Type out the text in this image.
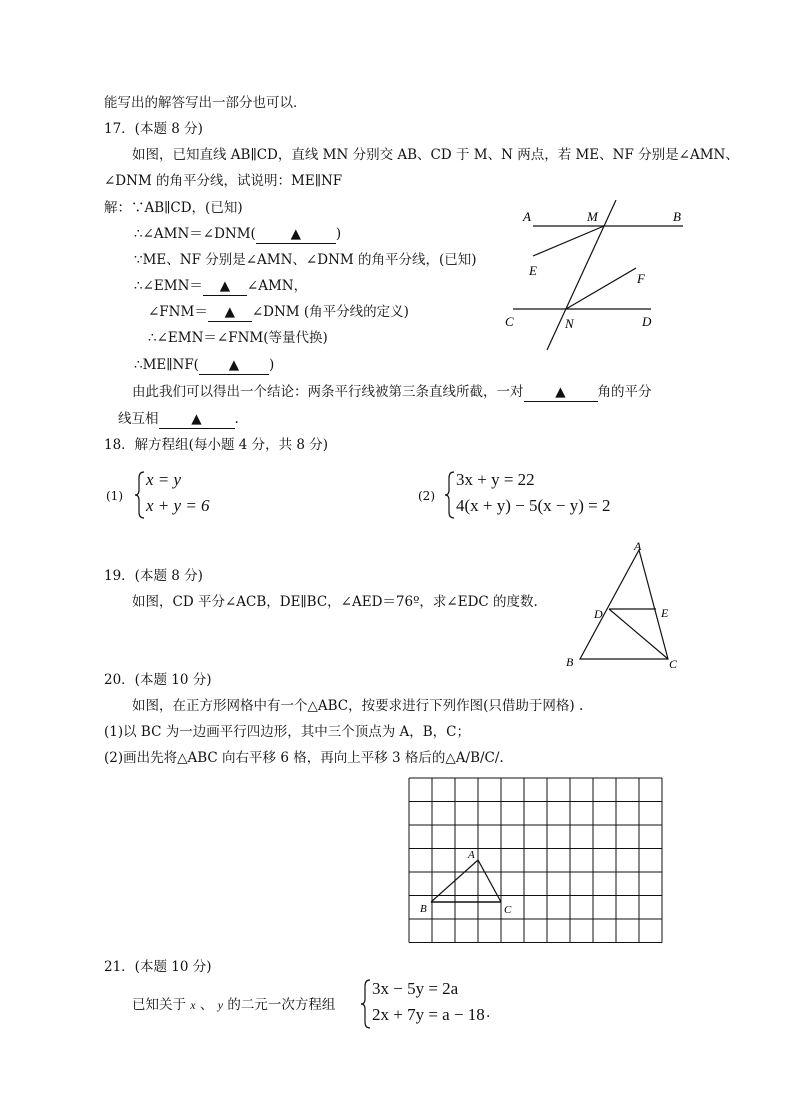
能写出的解答写出一部分也可以.
17．(本题 8 分)
如图，已知直线 AB∥CD，直线 MN 分别交 AB、CD 于 M、N 两点，若 ME、NF 分别是∠AMN、
∠DNM 的角平分线，试说明：ME∥NF
解：∵AB∥CD，(已知)
∴∠AMN＝∠DNM(	▲	)
∵ME、NF 分别是∠AMN、∠DNM 的角平分线，(已知)
∴∠EMN＝ ▲ ∠AMN，
∠FNM＝ ▲ ∠DNM (角平分线的定义)
∴∠EMN＝∠FNM(等量代换)
∴ME∥NF( ▲ )
由此我们可以得出一个结论：两条平行线被第三条直线所截，一对 ▲ 角的平分
线互相 ▲ .
A	M	B
E
F
C	N	D
18．解方程组(每小题 4 分，共 8 分)
(1)
x = y
x + y = 6	(2)
3x + y = 22
4(x + y) − 5(x − y) = 2
19．(本题 8 分)
如图，CD 平分∠ACB，DE∥BC，∠AED＝76º，求∠EDC 的度数.
A
D	E
B	C
20．(本题 10 分)
如图，在正方形网格中有一个△ABC，按要求进行下列作图(只借助于网格) .
(1)以 BC 为一边画平行四边形，其中三个顶点为 A，B，C；
(2)画出先将△ABC 向右平移 6 格，再向上平移 3 格后的△A/B/C/.
A
B	C
21．(本题 10 分)
已知关于 x 、 y 的二元一次方程组
3x − 5y = 2a
2x + 7y = a − 18 .
